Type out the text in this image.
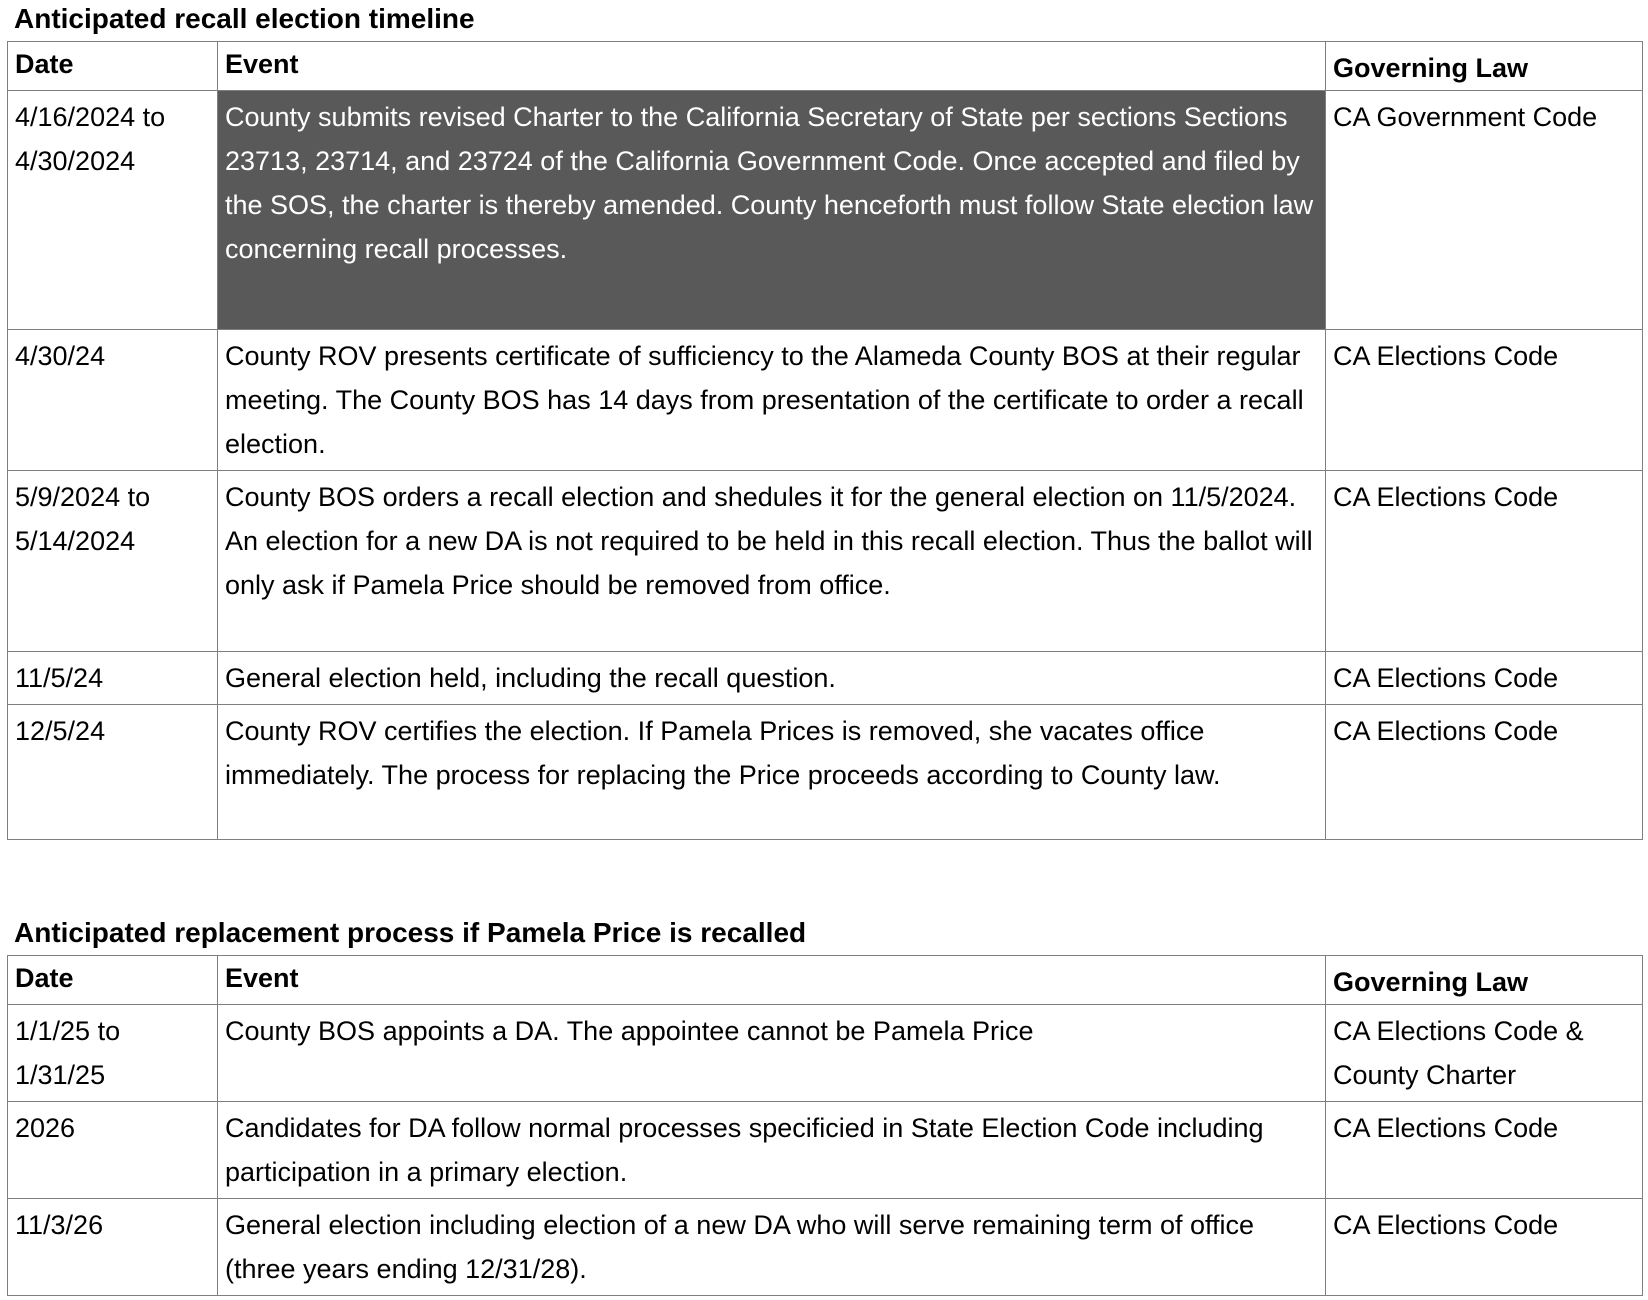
Anticipated recall election timeline
Date	Event	Governing Law
4/16/2024 to 4/30/2024	County submits revised Charter to the California Secretary of State per sections Sections 23713, 23714, and 23724 of the California Government Code. Once accepted and filed by the SOS, the charter is thereby amended. County henceforth must follow State election law concerning recall processes.	CA Government Code
4/30/24	County ROV presents certificate of sufficiency to the Alameda County BOS at their regular meeting. The County BOS has 14 days from presentation of the certificate to order a recall election.	CA Elections Code
5/9/2024 to 5/14/2024	County BOS orders a recall election and shedules it for the general election on 11/5/2024. An election for a new DA is not required to be held in this recall election. Thus the ballot will only ask if Pamela Price should be removed from office.	CA Elections Code
11/5/24	General election held, including the recall question.	CA Elections Code
12/5/24	County ROV certifies the election. If Pamela Prices is removed, she vacates office immediately. The process for replacing the Price proceeds according to County law.	CA Elections Code
Anticipated replacement process if Pamela Price is recalled
Date	Event	Governing Law
1/1/25 to 1/31/25	County BOS appoints a DA. The appointee cannot be Pamela Price	CA Elections Code & County Charter
2026	Candidates for DA follow normal processes specificied in State Election Code including participation in a primary election.	CA Elections Code
11/3/26	General election including election of a new DA who will serve remaining term of office (three years ending 12/31/28).	CA Elections Code
